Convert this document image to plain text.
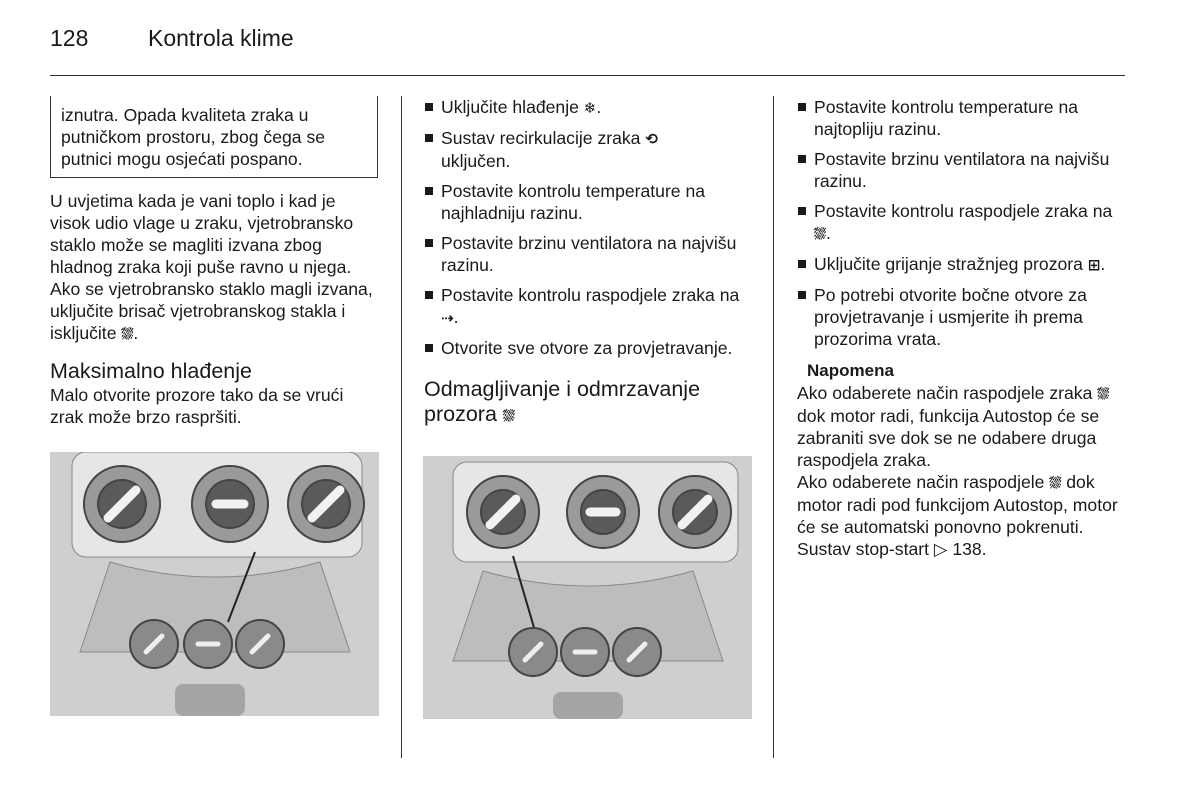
128	Kontrola klime

iznutra. Opada kvaliteta zraka u putničkom prostoru, zbog čega se putnici mogu osjećati pospano.

U uvjetima kada je vani toplo i kad je visok udio vlage u zraku, vjetrobransko staklo može se magliti izvana zbog hladnog zraka koji puše ravno u njega. Ako se vjetrobransko staklo magli izvana, uključite brisač vjetrobranskog stakla i isključite ⛆.

Maksimalno hlađenje

Malo otvorite prozore tako da se vrući zrak može brzo raspršiti.

Uključite hlađenje ❄.
Sustav recirkulacije zraka ⟲
uključen.
Postavite kontrolu temperature na najhladniju razinu.
Postavite brzinu ventilatora na najvišu razinu.
Postavite kontrolu raspodjele zraka na ⇢.
Otvorite sve otvore za provjetravanje.
Odmagljivanje i odmrzavanje prozora ⛆
Postavite kontrolu temperature na najtopliju razinu.
Postavite brzinu ventilatora na najvišu razinu.
Postavite kontrolu raspodjele zraka na ⛆.
Uključite grijanje stražnjeg prozora ⊞.
Po potrebi otvorite bočne otvore za provjetravanje i usmjerite ih prema prozorima vrata.
Napomena

Ako odaberete način raspodjele zraka ⛆ dok motor radi, funkcija Autostop će se zabraniti sve dok se ne odabere druga raspodjela zraka.

Ako odaberete način raspodjele ⛆ dok motor radi pod funkcijom Autostop, motor će se automatski ponovno pokrenuti.

Sustav stop-start ▷ 138.
